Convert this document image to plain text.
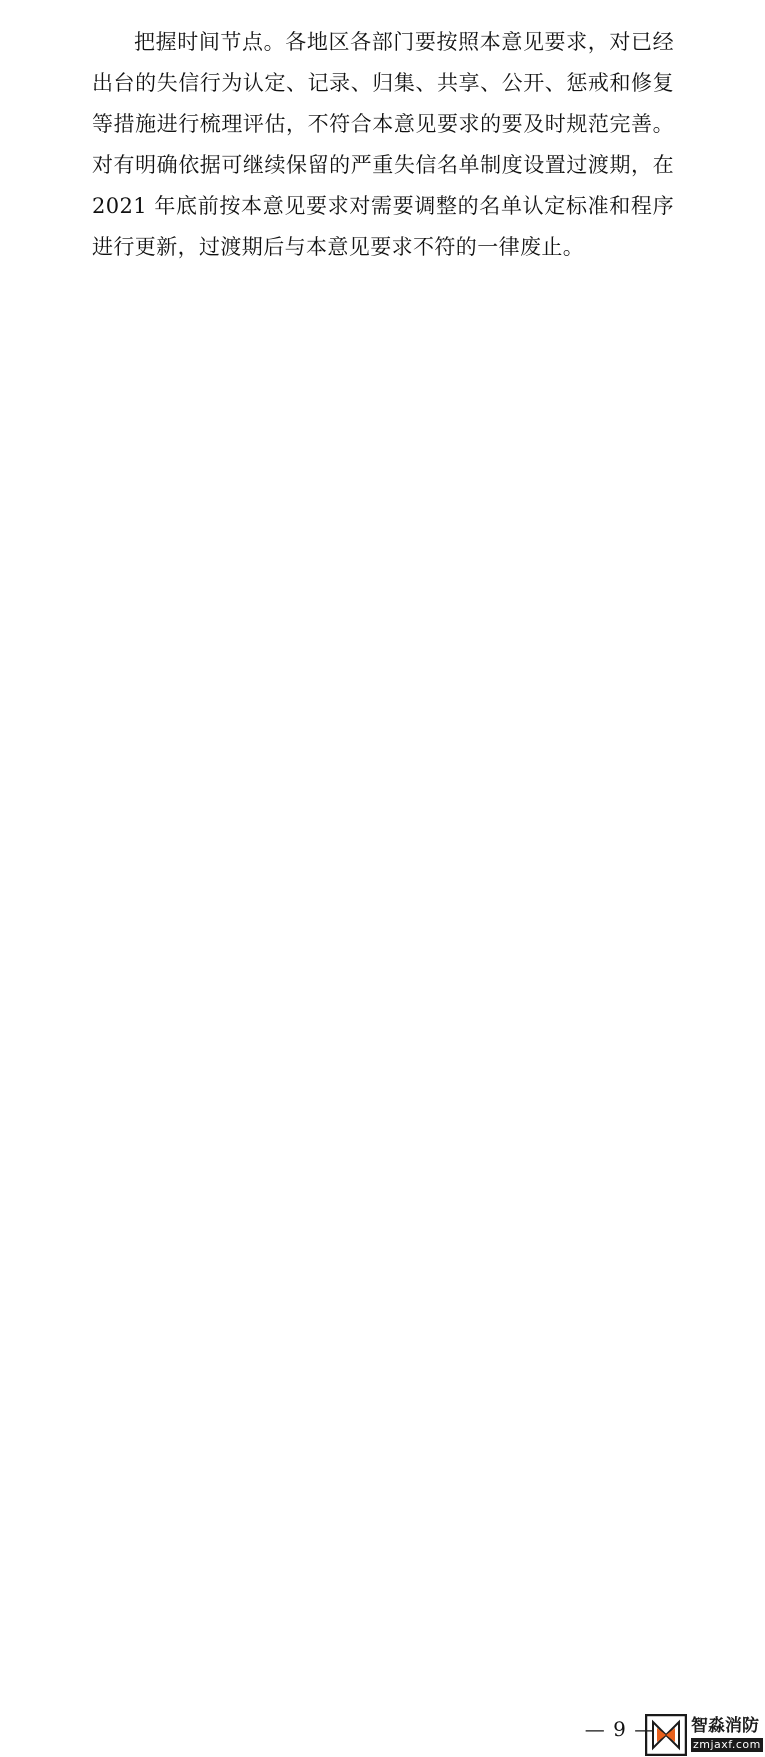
把握时间节点。各地区各部门要按照本意见要求，对已经出台的失信行为认定、记录、归集、共享、公开、惩戒和修复等措施进行梳理评估，不符合本意见要求的要及时规范完善。对有明确依据可继续保留的严重失信名单制度设置过渡期，在 2021 年底前按本意见要求对需要调整的名单认定标准和程序进行更新，过渡期后与本意见要求不符的一律废止。

— 9 —	智淼消防
zmjaxf.com
